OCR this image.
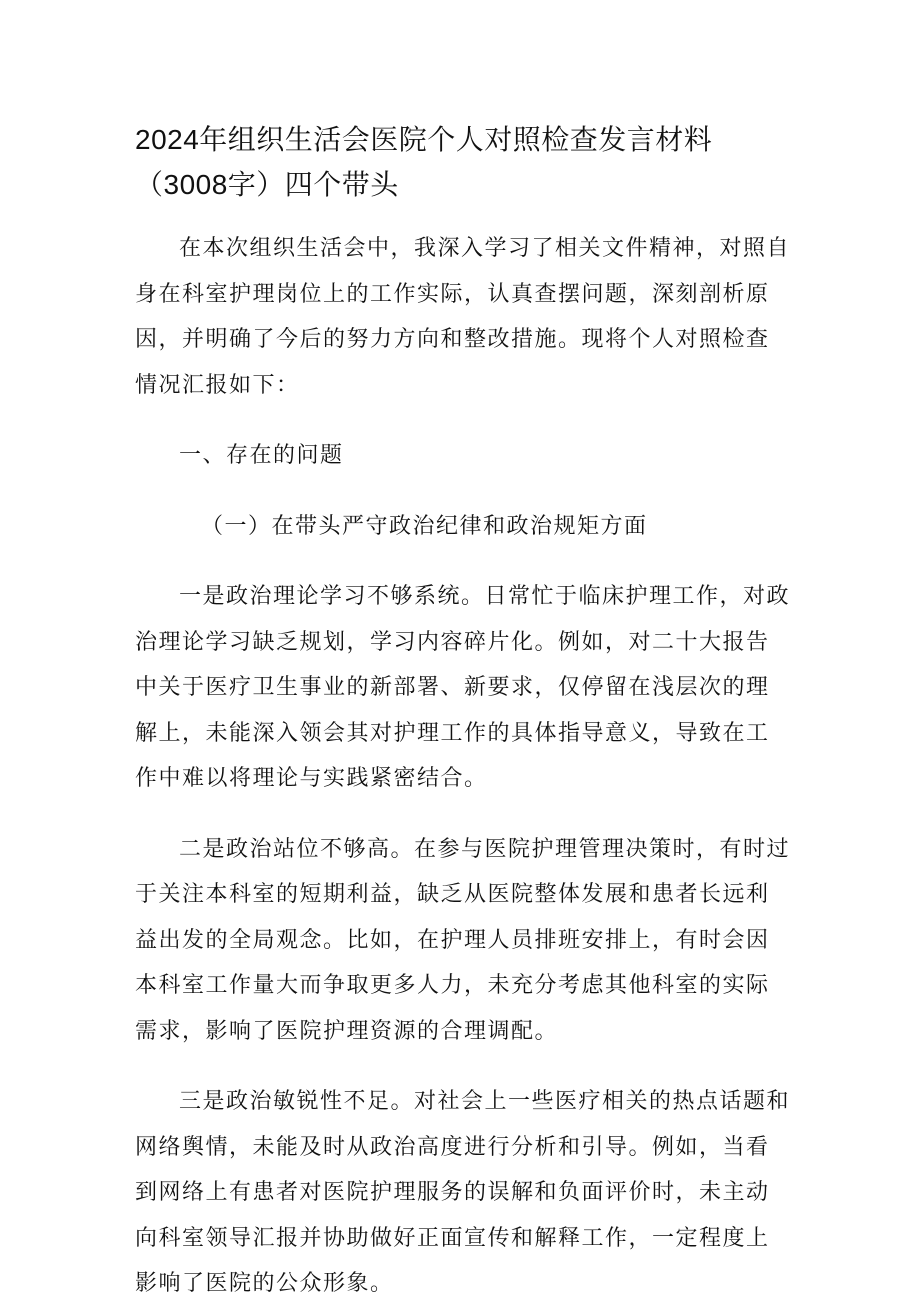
2024年组织生活会医院个人对照检查发言材料（3008字）四个带头

在本次组织生活会中，我深入学习了相关文件精神，对照自身在科室护理岗位上的工作实际，认真查摆问题，深刻剖析原因，并明确了今后的努力方向和整改措施。现将个人对照检查情况汇报如下：

一、存在的问题

（一）在带头严守政治纪律和政治规矩方面

一是政治理论学习不够系统。日常忙于临床护理工作，对政治理论学习缺乏规划，学习内容碎片化。例如，对二十大报告中关于医疗卫生事业的新部署、新要求，仅停留在浅层次的理解上，未能深入领会其对护理工作的具体指导意义，导致在工作中难以将理论与实践紧密结合。

二是政治站位不够高。在参与医院护理管理决策时，有时过于关注本科室的短期利益，缺乏从医院整体发展和患者长远利益出发的全局观念。比如，在护理人员排班安排上，有时会因本科室工作量大而争取更多人力，未充分考虑其他科室的实际需求，影响了医院护理资源的合理调配。

三是政治敏锐性不足。对社会上一些医疗相关的热点话题和网络舆情，未能及时从政治高度进行分析和引导。例如，当看到网络上有患者对医院护理服务的误解和负面评价时，未主动向科室领导汇报并协助做好正面宣传和解释工作，一定程度上影响了医院的公众形象。
